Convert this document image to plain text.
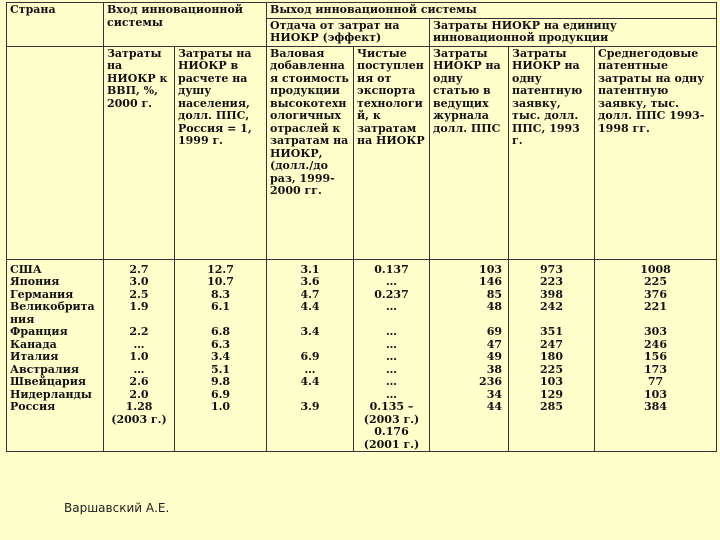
Страна	Вход инновационной системы		Выход инновационной системы				
			Отдача от затрат на НИОКР (эффект)		Затраты НИОКР на единицу инновационной продукции		
	Затраты на НИОКР к ВВП, %, 2000 г.	Затраты на НИОКР в расчете на душу населения, долл. ППС, Россия = 1, 1999 г.	Валовая добавленная стоимость продукции высокотехнологичных отраслей к затратам на НИОКР, (долл./до раз, 1999-2000 гг.	Чистые поступления от экспорта технологий, к затратам на НИОКР	Затраты НИОКР на одну статью в ведущих журнала долл. ППС	Затраты НИОКР на одну патентную заявку, тыс. долл. ППС, 1993 г.	Среднегодовые патентные затраты на одну патентную заявку, тыс. долл. ППС 1993- 1998 гг.
США	2.7	12.7	3.1	0.137	103	973	1008
Япония	3.0	10.7	3.6	…	146	223	225
Германия	2.5	8.3	4.7	0.237	85	398	376
Великобритания	1.9	6.1	4.4	…	48	242	221
Франция	2.2	6.8	3.4	…	69	351	303
Канада	…	6.3		…	47	247	246
Италия	1.0	3.4	6.9	…	49	180	156
Австралия	…	5.1	…	…	38	225	173
Швейцария	2.6	9.8	4.4	…	236	103	77
Нидерланды	2.0	6.9		…	34	129	103
Россия	1.28 (2003 г.)	1.0	3.9	0.135 – (2003 г.) 0.176 (2001 г.)	44	285	384
Варшавский А.Е.
